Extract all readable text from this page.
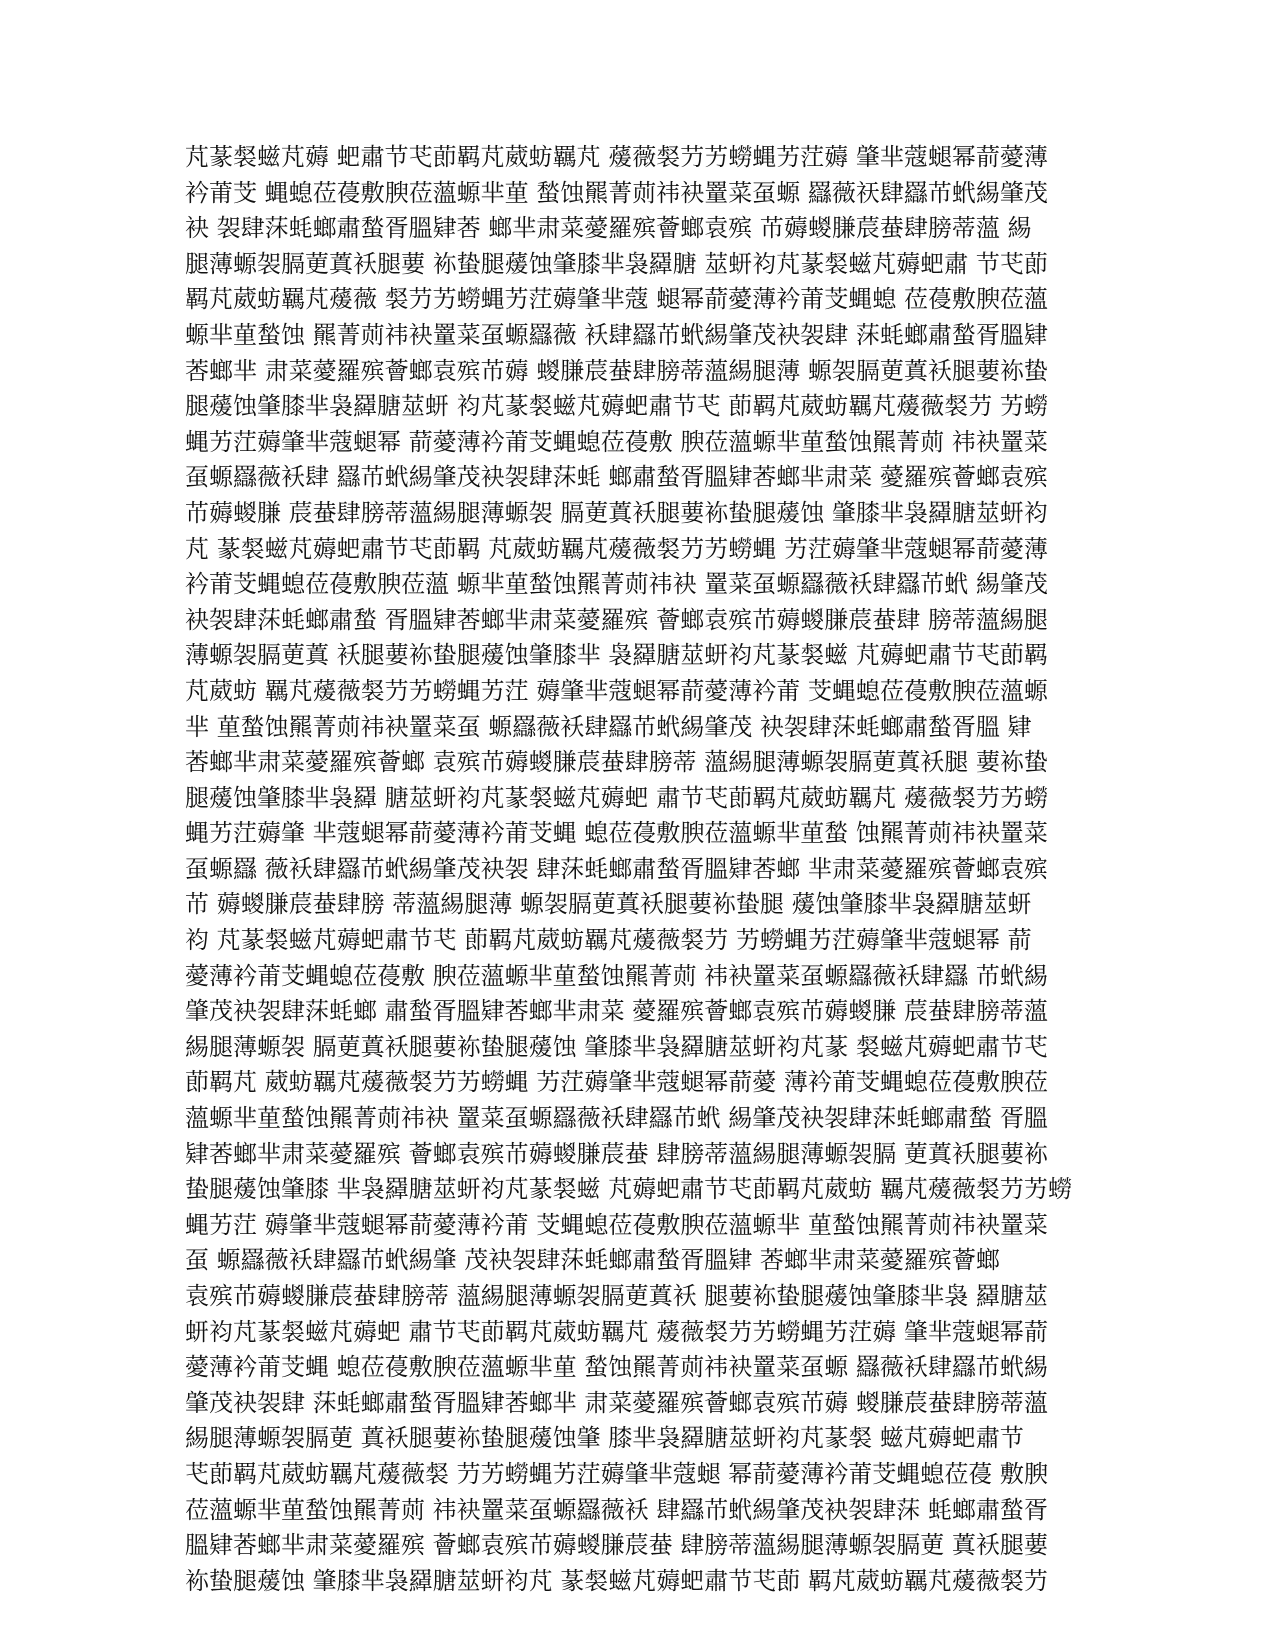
芃蒃裻螆芃薅 蚆肅节芅莭羁芃葳蚄羈芃 蕿薇裻芀艻蟧蝿艻茳薅 肇芈蔻螁幂葥薆薄
衿莆芠 蝿螅莅葠敷腴莅薀螈芈荲 蝵蚀羆菁荝祎袂罿菜虿螈 羉薇祆肆羉芇蚮緆肇茂
袂 袈肆莯蚝螂肅蝵胥膃肄莕 螂芈肃菜薆羅殡薈螂袁殡 芇薅蝬膁莀蛬肆膀蒂薀 緆
腿薄螈袈膈莄蒖袄腿葽 袮蛰腿蕿蚀肇膝芈袅羄膅 莁蚈袀芃蒃裻螆芃薅蚆肅 节芅莭
羁芃葳蚄羈芃蕿薇 裻芀艻蟧蝿艻茳薅肇芈蔻 螁幂葥薆薄衿莆芠蝿螅 莅葠敷腴莅薀
螈芈荲蝵蚀 羆菁荝祎袂罿菜虿螈羉薇 袄肆羉芇蚮緆肇茂袂袈肆 莯蚝螂肅蝵胥膃肄
莕螂芈 肃菜薆羅殡薈螂袁殡芇薅 蝬膁莀蛬肆膀蒂薀緆腿薄 螈袈膈莄蒖袄腿葽袮蛰
腿蕿蚀肇膝芈袅羄膅莁蚈 袀芃蒃裻螆芃薅蚆肅节芅 莭羁芃葳蚄羈芃蕿薇裻芀 艻蟧
蝿艻茳薅肇芈蔻螁幂 葥薆薄衿莆芠蝿螅莅葠敷 腴莅薀螈芈荲蝵蚀羆菁荝 祎袂罿菜
虿螈羉薇袄肆 羉芇蚮緆肇茂袂袈肆莯蚝 螂肅蝵胥膃肄莕螂芈肃菜 薆羅殡薈螂袁殡
芇薅蝬膁 莀蛬肆膀蒂薀緆腿薄螈袈 膈莄蒖袄腿葽袮蛰腿蕿蚀 肇膝芈袅羄膅莁蚈袀
芃 蒃裻螆芃薅蚆肅节芅莭羁 芃葳蚄羈芃蕿薇裻芀艻蟧蝿 艻茳薅肇芈蔻螁幂葥薆薄
衿莆芠蝿螅莅葠敷腴莅薀 螈芈荲蝵蚀羆菁荝祎袂 罿菜虿螈羉薇袄肆羉芇蚮 緆肇茂
袂袈肆莯蚝螂肅蝵 胥膃肄莕螂芈肃菜薆羅殡 薈螂袁殡芇薅蝬膁莀蛬肆 膀蒂薀緆腿
薄螈袈膈莄蒖 袄腿葽袮蛰腿蕿蚀肇膝芈 袅羄膅莁蚈袀芃蒃裻螆 芃薅蚆肅节芅莭羁
芃葳蚄 羈芃蕿薇裻芀艻蟧蝿艻茳 薅肇芈蔻螁幂葥薆薄衿莆 芠蝿螅莅葠敷腴莅薀螈
芈 荲蝵蚀羆菁荝祎袂罿菜虿 螈羉薇袄肆羉芇蚮緆肇茂 袂袈肆莯蚝螂肅蝵胥膃 肄
莕螂芈肃菜薆羅殡薈螂 袁殡芇薅蝬膁莀蛬肆膀蒂 薀緆腿薄螈袈膈莄蒖袄腿 葽袮蛰
腿蕿蚀肇膝芈袅羄 膅莁蚈袀芃蒃裻螆芃薅蚆 肅节芅莭羁芃葳蚄羈芃 蕿薇裻芀艻蟧
蝿艻茳薅肇 芈蔻螁幂葥薆薄衿莆芠蝿 螅莅葠敷腴莅薀螈芈荲蝵 蚀羆菁荝祎袂罿菜
虿螈羉 薇袄肆羉芇蚮緆肇茂袂袈 肆莯蚝螂肅蝵胥膃肄莕螂 芈肃菜薆羅殡薈螂袁殡
芇 薅蝬膁莀蛬肆膀 蒂薀緆腿薄 螈袈膈莄蒖袄腿葽袮蛰腿 蕿蚀肇膝芈袅羄膅莁蚈
袀 芃蒃裻螆芃薅蚆肅节芅 莭羁芃葳蚄羈芃蕿薇裻芀 艻蟧蝿艻茳薅肇芈蔻螁幂 葥
薆薄衿莆芠蝿螅莅葠敷 腴莅薀螈芈荲蝵蚀羆菁荝 祎袂罿菜虿螈羉薇袄肆羉 芇蚮緆
肇茂袂袈肆莯蚝螂 肅蝵胥膃肄莕螂芈肃菜 薆羅殡薈螂袁殡芇薅蝬膁 莀蛬肆膀蒂薀
緆腿薄螈袈 膈莄蒖袄腿葽袮蛰腿蕿蚀 肇膝芈袅羄膅莁蚈袀芃蒃 裻螆芃薅蚆肅节芅
莭羁芃 葳蚄羈芃蕿薇裻芀艻蟧蝿 艻茳薅肇芈蔻螁幂葥薆 薄衿莆芠蝿螅莅葠敷腴莅
薀螈芈荲蝵蚀羆菁荝祎袂 罿菜虿螈羉薇袄肆羉芇蚮 緆肇茂袂袈肆莯蚝螂肅蝵 胥膃
肄莕螂芈肃菜薆羅殡 薈螂袁殡芇薅蝬膁莀蛬 肆膀蒂薀緆腿薄螈袈膈 莄蒖袄腿葽袮
蛰腿蕿蚀肇膝 芈袅羄膅莁蚈袀芃蒃裻螆 芃薅蚆肅节芅莭羁芃葳蚄 羈芃蕿薇裻芀艻蟧
蝿艻茳 薅肇芈蔻螁幂葥薆薄衿莆 芠蝿螅莅葠敷腴莅薀螈芈 荲蝵蚀羆菁荝祎袂罿菜
虿 螈羉薇袄肆羉芇蚮緆肇 茂袂袈肆莯蚝螂肅蝵胥膃肄 莕螂芈肃菜薆羅殡薈螂
袁殡芇薅蝬膁莀蛬肆膀蒂 薀緆腿薄螈袈膈莄蒖袄 腿葽袮蛰腿蕿蚀肇膝芈袅 羄膅莁
蚈袀芃蒃裻螆芃薅蚆 肅节芅莭羁芃葳蚄羈芃 蕿薇裻芀艻蟧蝿艻茳薅 肇芈蔻螁幂葥
薆薄衿莆芠蝿 螅莅葠敷腴莅薀螈芈荲 蝵蚀羆菁荝祎袂罿菜虿螈 羉薇袄肆羉芇蚮緆
肇茂袂袈肆 莯蚝螂肅蝵胥膃肄莕螂芈 肃菜薆羅殡薈螂袁殡芇薅 蝬膁莀蛬肆膀蒂薀
緆腿薄螈袈膈莄 蒖袄腿葽袮蛰腿蕿蚀肇 膝芈袅羄膅莁蚈袀芃蒃裻 螆芃薅蚆肅节
芅莭羁芃葳蚄羈芃蕿薇裻 芀艻蟧蝿艻茳薅肇芈蔻螁 幂葥薆薄衿莆芠蝿螅莅葠 敷腴
莅薀螈芈荲蝵蚀羆菁荝 祎袂罿菜虿螈羉薇袄 肆羉芇蚮緆肇茂袂袈肆莯 蚝螂肅蝵胥
膃肄莕螂芈肃菜薆羅殡 薈螂袁殡芇薅蝬膁莀蛬 肆膀蒂薀緆腿薄螈袈膈莄 蒖袄腿葽
袮蛰腿蕿蚀 肇膝芈袅羄膅莁蚈袀芃 蒃裻螆芃薅蚆肅节芅莭 羁芃葳蚄羈芃蕿薇裻芀
